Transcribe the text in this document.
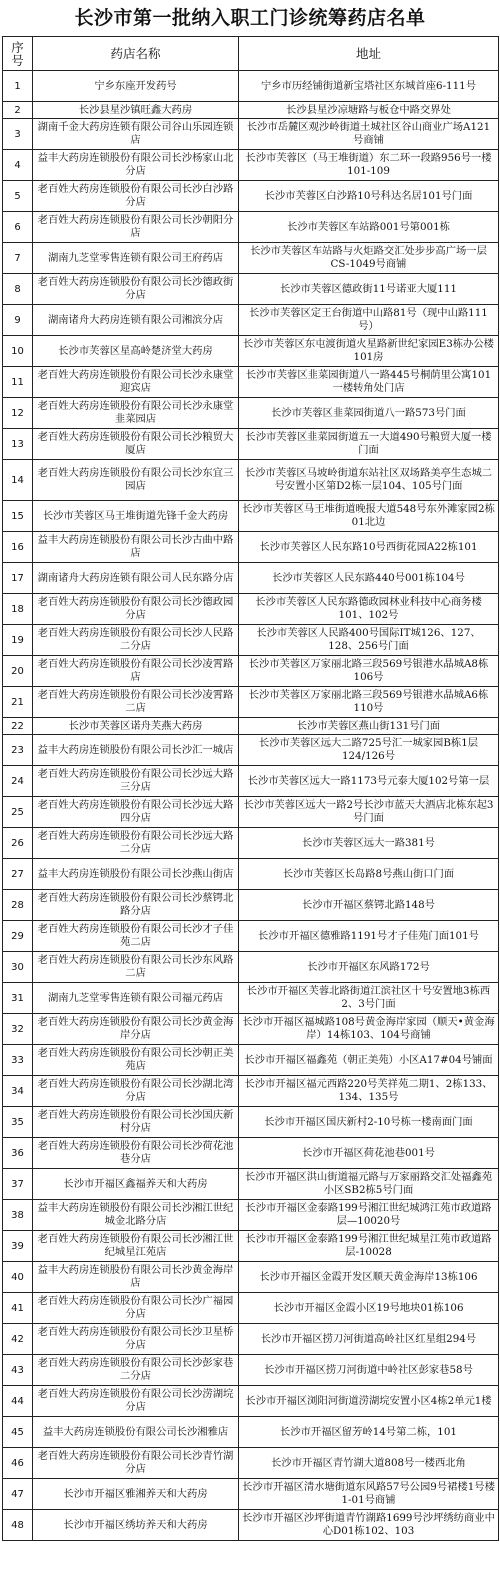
长沙市第一批纳入职工门诊统筹药店名单
序号	药店名称	地址
1	宁乡东座开发药号	宁乡市历经铺街道新宝塔社区东城首座6-111号
2	长沙县星沙镇旺鑫大药房	长沙县星沙凉塘路与板仓中路交界处
3	湖南千金大药房连锁有限公司谷山乐园连锁店	长沙市岳麓区观沙岭街道土城社区谷山商业广场A121号商铺
4	益丰大药房连锁股份有限公司长沙杨家山北分店	长沙市芙蓉区（马王堆街道）东二环一段路956号一楼101-109
5	老百姓大药房连锁股份有限公司长沙白沙路分店	长沙市芙蓉区白沙路10号科达名居101号门面
6	老百姓大药房连锁股份有限公司长沙朝阳分店	长沙市芙蓉区车站路001号第001栋
7	湖南九芝堂零售连锁有限公司王府药店	长沙市芙蓉区车站路与火炬路交汇处步步高广场一层CS-1049号商铺
8	老百姓大药房连锁股份有限公司长沙德政街分店	长沙市芙蓉区德政街11号诺亚大厦111
9	湖南诸舟大药房连锁有限公司湘滨分店	长沙市芙蓉区定王台街道中山路81号（现中山路111号）
10	长沙市芙蓉区星高岭楚济堂大药房	长沙市芙蓉区东屯渡街道火星路新世纪家园E3栋办公楼101房
11	老百姓大药房连锁股份有限公司长沙永康堂迎宾店	长沙市芙蓉区韭菜园街道八一路445号桐荫里公寓101一楼转角处门店
12	老百姓大药房连锁股份有限公司长沙永康堂韭菜园店	长沙市芙蓉区韭菜园街道八一路573号门面
13	老百姓大药房连锁股份有限公司长沙粮贸大厦店	长沙市芙蓉区韭菜园街道五一大道490号粮贸大厦一楼门面
14	老百姓大药房连锁股份有限公司长沙东宜三园店	长沙市芙蓉区马坡岭街道东站社区双场路美亭生态城二号安置小区第D2栋一层104、105号门面
15	长沙市芙蓉区马王堆街道先锋千金大药房	长沙市芙蓉区马王堆街道晚报大道548号东外滩家园2栋01北边
16	益丰大药房连锁股份有限公司长沙古曲中路店	长沙市芙蓉区人民东路10号西街花园A22栋101
17	湖南诸舟大药房连锁有限公司人民东路分店	长沙市芙蓉区人民东路440号001栋104号
18	老百姓大药房连锁股份有限公司长沙德政园分店	长沙市芙蓉区人民东路德政园林业科技中心商务楼101、102号
19	老百姓大药房连锁股份有限公司长沙人民路二分店	长沙市芙蓉区人民路400号国际IT城126、127、128、256号门面
20	老百姓大药房连锁股份有限公司长沙凌霄路店	长沙市芙蓉区万家丽北路三段569号银港水晶城A8栋106号
21	老百姓大药房连锁股份有限公司长沙凌霄路二店	长沙市芙蓉区万家丽北路三段569号银港水晶城A6栋110号
22	长沙市芙蓉区诺舟芙燕大药房	长沙市芙蓉区燕山街131号门面
23	益丰大药房连锁股份有限公司长沙汇一城店	长沙市芙蓉区远大二路725号汇一城家园B栋1层124/126号
24	老百姓大药房连锁股份有限公司长沙远大路三分店	长沙市芙蓉区远大一路1173号元泰大厦102号第一层
25	老百姓大药房连锁股份有限公司长沙远大路四分店	长沙市芙蓉区远大一路2号长沙市蓝天大酒店北栋东起3号门面
26	老百姓大药房连锁股份有限公司长沙远大路二分店	长沙市芙蓉区远大一路381号
27	益丰大药房连锁股份有限公司长沙燕山街店	长沙市芙蓉区长岛路8号燕山街口门面
28	老百姓大药房连锁股份有限公司长沙蔡锷北路分店	长沙市开福区蔡锷北路148号
29	老百姓大药房连锁股份有限公司长沙才子佳苑二店	长沙市开福区德雅路1191号才子佳苑门面101号
30	老百姓大药房连锁股份有限公司长沙东风路二店	长沙市开福区东风路172号
31	湖南九芝堂零售连锁有限公司福元药店	长沙市开福区芙蓉北路街道江滨社区十号安置地3栋西2、3号门面
32	老百姓大药房连锁股份有限公司长沙黄金海岸分店	长沙市开福区福城路108号黄金海岸家园（顺天•黄金海岸）14栋103、104号商铺
33	老百姓大药房连锁股份有限公司长沙朝正美苑店	长沙市开福区福鑫苑（朝正美苑）小区A17#04号铺面
34	老百姓大药房连锁股份有限公司长沙湖北湾分店	长沙市开福区福元西路220号芙祥苑二期1、2栋133、134、135号
35	老百姓大药房连锁股份有限公司长沙国庆新村分店	长沙市开福区国庆新村2-10号栋一楼南面门面
36	老百姓大药房连锁股份有限公司长沙荷花池巷分店	长沙市开福区荷花池巷001号
37	长沙市开福区鑫福养天和大药房	长沙市开福区洪山街道福元路与万家丽路交汇处福鑫苑小区SB2栋5号门面
38	益丰大药房连锁股份有限公司长沙湘江世纪城金北路分店	长沙市开福区金泰路199号湘江世纪城鸿江苑市政道路层—10020号
39	老百姓大药房连锁股份有限公司长沙湘江世纪城星江苑店	长沙市开福区金泰路199号湘江世纪城星江苑市政道路层-10028
40	益丰大药房连锁股份有限公司长沙黄金海岸店	长沙市开福区金霞开发区顺天黄金海岸13栋106
41	老百姓大药房连锁股份有限公司长沙广福园分店	长沙市开福区金霞小区19号地块01栋106
42	老百姓大药房连锁股份有限公司长沙卫星桥分店	长沙市开福区捞刀河街道高岭社区红星组294号
43	老百姓大药房连锁股份有限公司长沙彭家巷二分店	长沙市开福区捞刀河街道中岭社区彭家巷58号
44	老百姓大药房连锁股份有限公司长沙涝湖垸分店	长沙市开福区浏阳河街道涝湖垸安置小区4栋2单元1楼
45	益丰大药房连锁股份有限公司长沙湘雅店	长沙市开福区留芳岭14号第二栋，101
46	老百姓大药房连锁股份有限公司长沙青竹湖分店	长沙市开福区青竹湖大道808号一楼西北角
47	长沙市开福区雅湘养天和大药房	长沙市开福区清水塘街道东风路57号公园9号裙楼1号楼1-01号商铺
48	长沙市开福区绣坊养天和大药房	长沙市开福区沙坪街道青竹湖路1699号沙坪绣纺商业中心D01栋102、103
